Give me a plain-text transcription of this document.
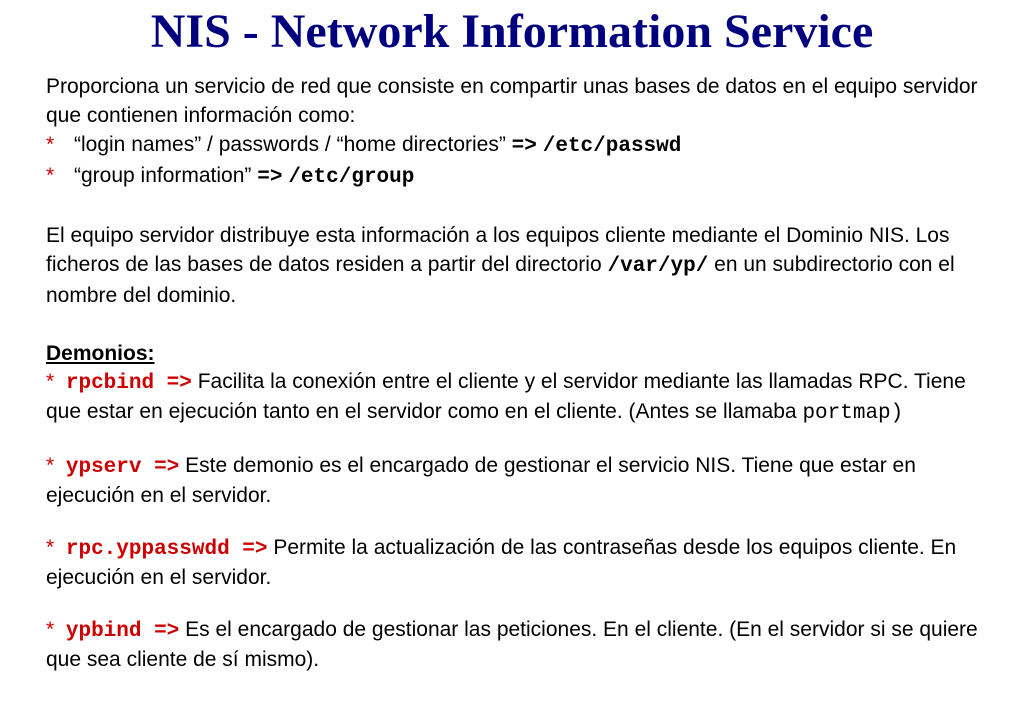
NIS - Network Information Service

Proporciona un servicio de red que consiste en compartir unas bases de datos en el equipo servidor que contienen información como:

* “login names” / passwords / “home directories” => /etc/passwd
* “group information” => /etc/group

El equipo servidor distribuye esta información a los equipos cliente mediante el Dominio NIS. Los ficheros de las bases de datos residen a partir del directorio /var/yp/ en un subdirectorio con el nombre del dominio.

Demonios:

* rpcbind => Facilita la conexión entre el cliente y el servidor mediante las llamadas RPC. Tiene que estar en ejecución tanto en el servidor como en el cliente. (Antes se llamaba portmap)

* ypserv => Este demonio es el encargado de gestionar el servicio NIS. Tiene que estar en ejecución en el servidor.

* rpc.yppasswdd => Permite la actualización de las contraseñas desde los equipos cliente. En ejecución en el servidor.

* ypbind => Es el encargado de gestionar las peticiones. En el cliente. (En el servidor si se quiere que sea cliente de sí mismo).
